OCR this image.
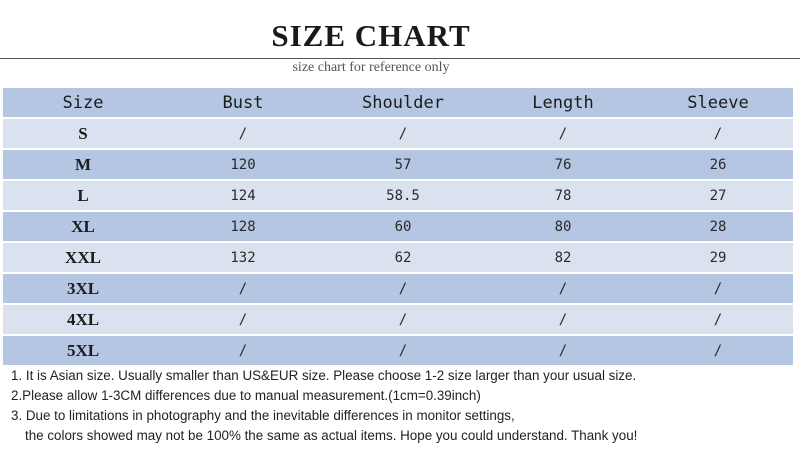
SIZE CHART
size chart for reference only
Size	Bust	Shoulder	Length	Sleeve
S	/	/	/	/
M	120	57	76	26
L	124	58.5	78	27
XL	128	60	80	28
XXL	132	62	82	29
3XL	/	/	/	/
4XL	/	/	/	/
5XL	/	/	/	/
1. It is Asian size. Usually smaller than US&EUR size. Please choose 1-2 size larger than your usual size.
2.Please allow 1-3CM differences due to manual measurement.(1cm=0.39inch)
3. Due to limitations in photography and the inevitable differences in monitor settings,
the colors showed may not be 100% the same as actual items. Hope you could understand. Thank you!
